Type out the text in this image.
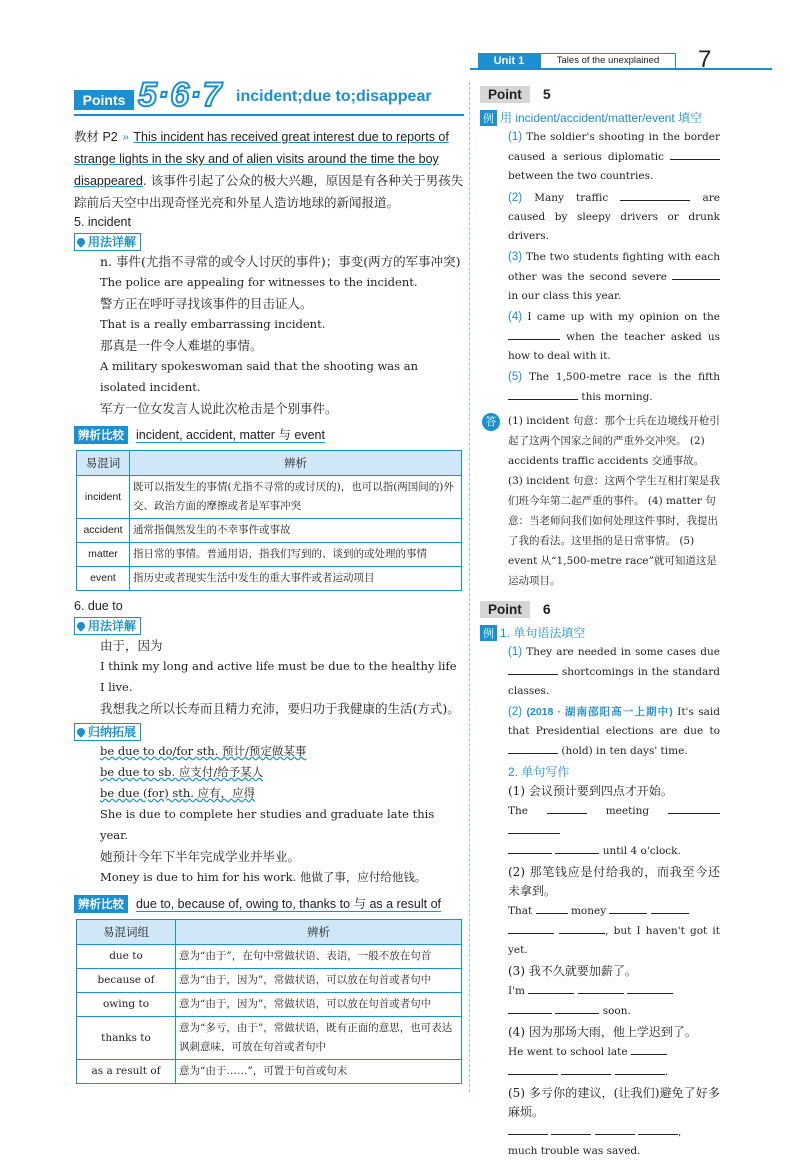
Unit 1	Tales of the unexplained	7
Points 5·6·7 incident;due to;disappear
教材 P2 » This incident has received great interest due to reports of strange lights in the sky and of alien visits around the time the boy disappeared. 该事件引起了公众的极大兴趣，原因是有各种关于男孩失踪前后天空中出现奇怪光亮和外星人造访地球的新闻报道。
5. incident
用法详解
n. 事件(尤指不寻常的或令人讨厌的事件)；事变(两方的军事冲突)
The police are appealing for witnesses to the incident.
警方正在呼吁寻找该事件的目击证人。
That is a really embarrassing incident.
那真是一件令人难堪的事情。
A military spokeswoman said that the shooting was an isolated incident.
军方一位女发言人说此次枪击是个别事件。
辨析比较 incident, accident, matter 与 event
易混词	辨析
incident	既可以指发生的事情(尤指不寻常的或讨厌的)，也可以指(两国间的)外交、政治方面的摩擦或者是军事冲突
accident	通常指偶然发生的不幸事件或事故
matter	指日常的事情。普通用语，指我们写到的、谈到的或处理的事情
event	指历史或者现实生活中发生的重大事件或者运动项目
6. due to
用法详解
由于，因为
I think my long and active life must be due to the healthy life I live.
我想我之所以长寿而且精力充沛，要归功于我健康的生活(方式)。
归纳拓展
be due to do/for sth. 预计/预定做某事
be due to sb. 应支付/给予某人
be due (for) sth. 应有，应得
She is due to complete her studies and graduate late this year.
她预计今年下半年完成学业并毕业。
Money is due to him for his work. 他做了事，应付给他钱。
辨析比较 due to, because of, owing to, thanks to 与 as a result of
易混词组	辨析
due to	意为“由于”，在句中常做状语、表语，一般不放在句首
because of	意为“由于，因为”，常做状语，可以放在句首或者句中
owing to	意为“由于，因为”，常做状语，可以放在句首或者句中
thanks to	意为“多亏，由于”，常做状语，既有正面的意思，也可表达讽刺意味，可放在句首或者句中
as a result of	意为“由于……”，可置于句首或句末
Point 5
例 用 incident/accident/matter/event 填空
(1) The soldier's shooting in the border caused a serious diplomatic  between the two countries.
(2) Many traffic	are caused by sleepy drivers or drunk drivers.
(3) The two students fighting with each other was the second severe  in our class this year.
(4) I came up with my opinion on the  when the teacher asked us how to deal with it.
(5) The 1,500-metre race is the fifth  this morning.
答	(1) incident 句意：那个士兵在边境线开枪引起了这两个国家之间的严重外交冲突。 (2) accidents traffic accidents 交通事故。 (3) incident 句意：这两个学生互相打架是我们班今年第二起严重的事件。 (4) matter 句意：当老师问我们如何处理这件事时，我提出了我的看法。这里指的是日常事情。 (5) event 从“1,500-metre race”就可知道这是运动项目。
Point 6
例 1. 单句语法填空
(1) They are needed in some cases due  shortcomings in the standard classes.
(2) (2018 · 湖南邵阳高一上期中) It's said that Presidential elections are due to  (hold) in ten days' time.
2. 单句写作
(1) 会议预计要到四点才开始。
The	meeting
until 4 o'clock.
(2) 那笔钱应是付给我的，而我至今还未拿到。
That	money
, but I haven't got it yet.
(3) 我不久就要加薪了。
I'm
soon.
(4) 因为那场大雨，他上学迟到了。
He went to school late
.
(5) 多亏你的建议，(让我们)避免了好多麻烦。
,
much trouble was saved.
